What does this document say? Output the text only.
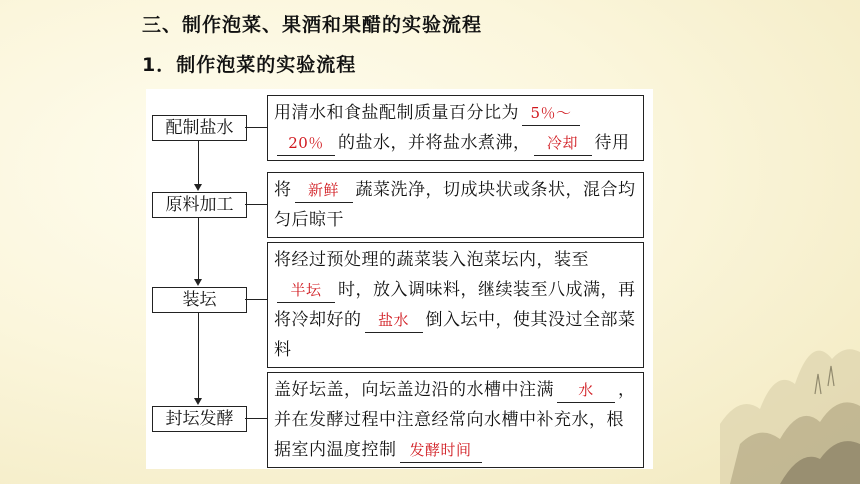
三、制作泡菜、果酒和果醋的实验流程
1．制作泡菜的实验流程
配制盐水
原料加工
装坛
封坛发酵
用清水和食盐配制质量百分比为 5％～
20％ 的盐水，并将盐水煮沸， 冷却 待用
将 新鲜 蔬菜洗净，切成块状或条状，混合均匀后晾干
将经过预处理的蔬菜装入泡菜坛内，装至半坛 时，放入调味料，继续装至八成满，再将冷却好的 盐水 倒入坛中，使其没过全部菜料
盖好坛盖，向坛盖边沿的水槽中注满 水 ，并在发酵过程中注意经常向水槽中补充水，根据室内温度控制 发酵时间
